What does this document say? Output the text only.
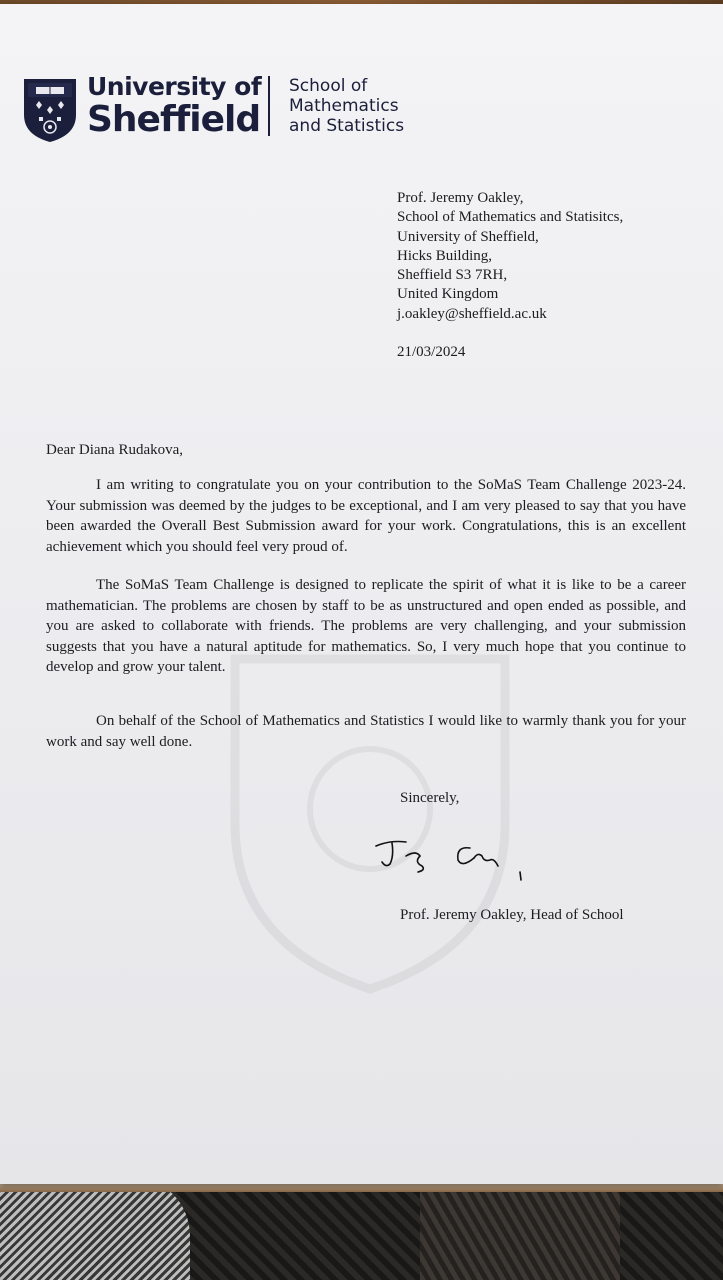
University of
Sheffield
School of
Mathematics
and Statistics
Prof. Jeremy Oakley,
School of Mathematics and Statisitcs,
University of Sheffield,
Hicks Building,
Sheffield S3 7RH,
United Kingdom
j.oakley@sheffield.ac.uk
21/03/2024
Dear Diana Rudakova,
I am writing to congratulate you on your contribution to the SoMaS Team Challenge 2023-24. Your submission was deemed by the judges to be exceptional, and I am very pleased to say that you have been awarded the Overall Best Submission award for your work. Congratulations, this is an excellent achievement which you should feel very proud of.
The SoMaS Team Challenge is designed to replicate the spirit of what it is like to be a career mathematician. The problems are chosen by staff to be as unstructured and open ended as possible, and you are asked to collaborate with friends. The problems are very challenging, and your submission suggests that you have a natural aptitude for mathematics. So, I very much hope that you continue to develop and grow your talent.
On behalf of the School of Mathematics and Statistics I would like to warmly thank you for your work and say well done.
Sincerely,
Prof. Jeremy Oakley, Head of School
